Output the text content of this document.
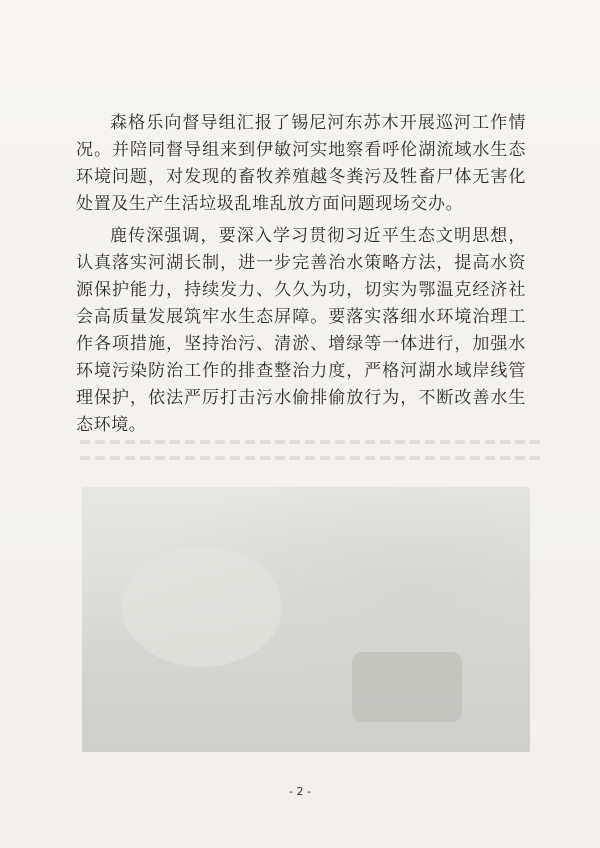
森格乐向督导组汇报了锡尼河东苏木开展巡河工作情况。并陪同督导组来到伊敏河实地察看呼伦湖流域水生态环境问题，对发现的畜牧养殖越冬粪污及牲畜尸体无害化处置及生产生活垃圾乱堆乱放方面问题现场交办。

鹿传深强调，要深入学习贯彻习近平生态文明思想，认真落实河湖长制，进一步完善治水策略方法，提高水资源保护能力，持续发力、久久为功，切实为鄂温克经济社会高质量发展筑牢水生态屏障。要落实落细水环境治理工作各项措施，坚持治污、清淤、增绿等一体进行，加强水环境污染防治工作的排查整治力度，严格河湖水域岸线管理保护，依法严厉打击污水偷排偷放行为，不断改善水生态环境。

- 2 -
